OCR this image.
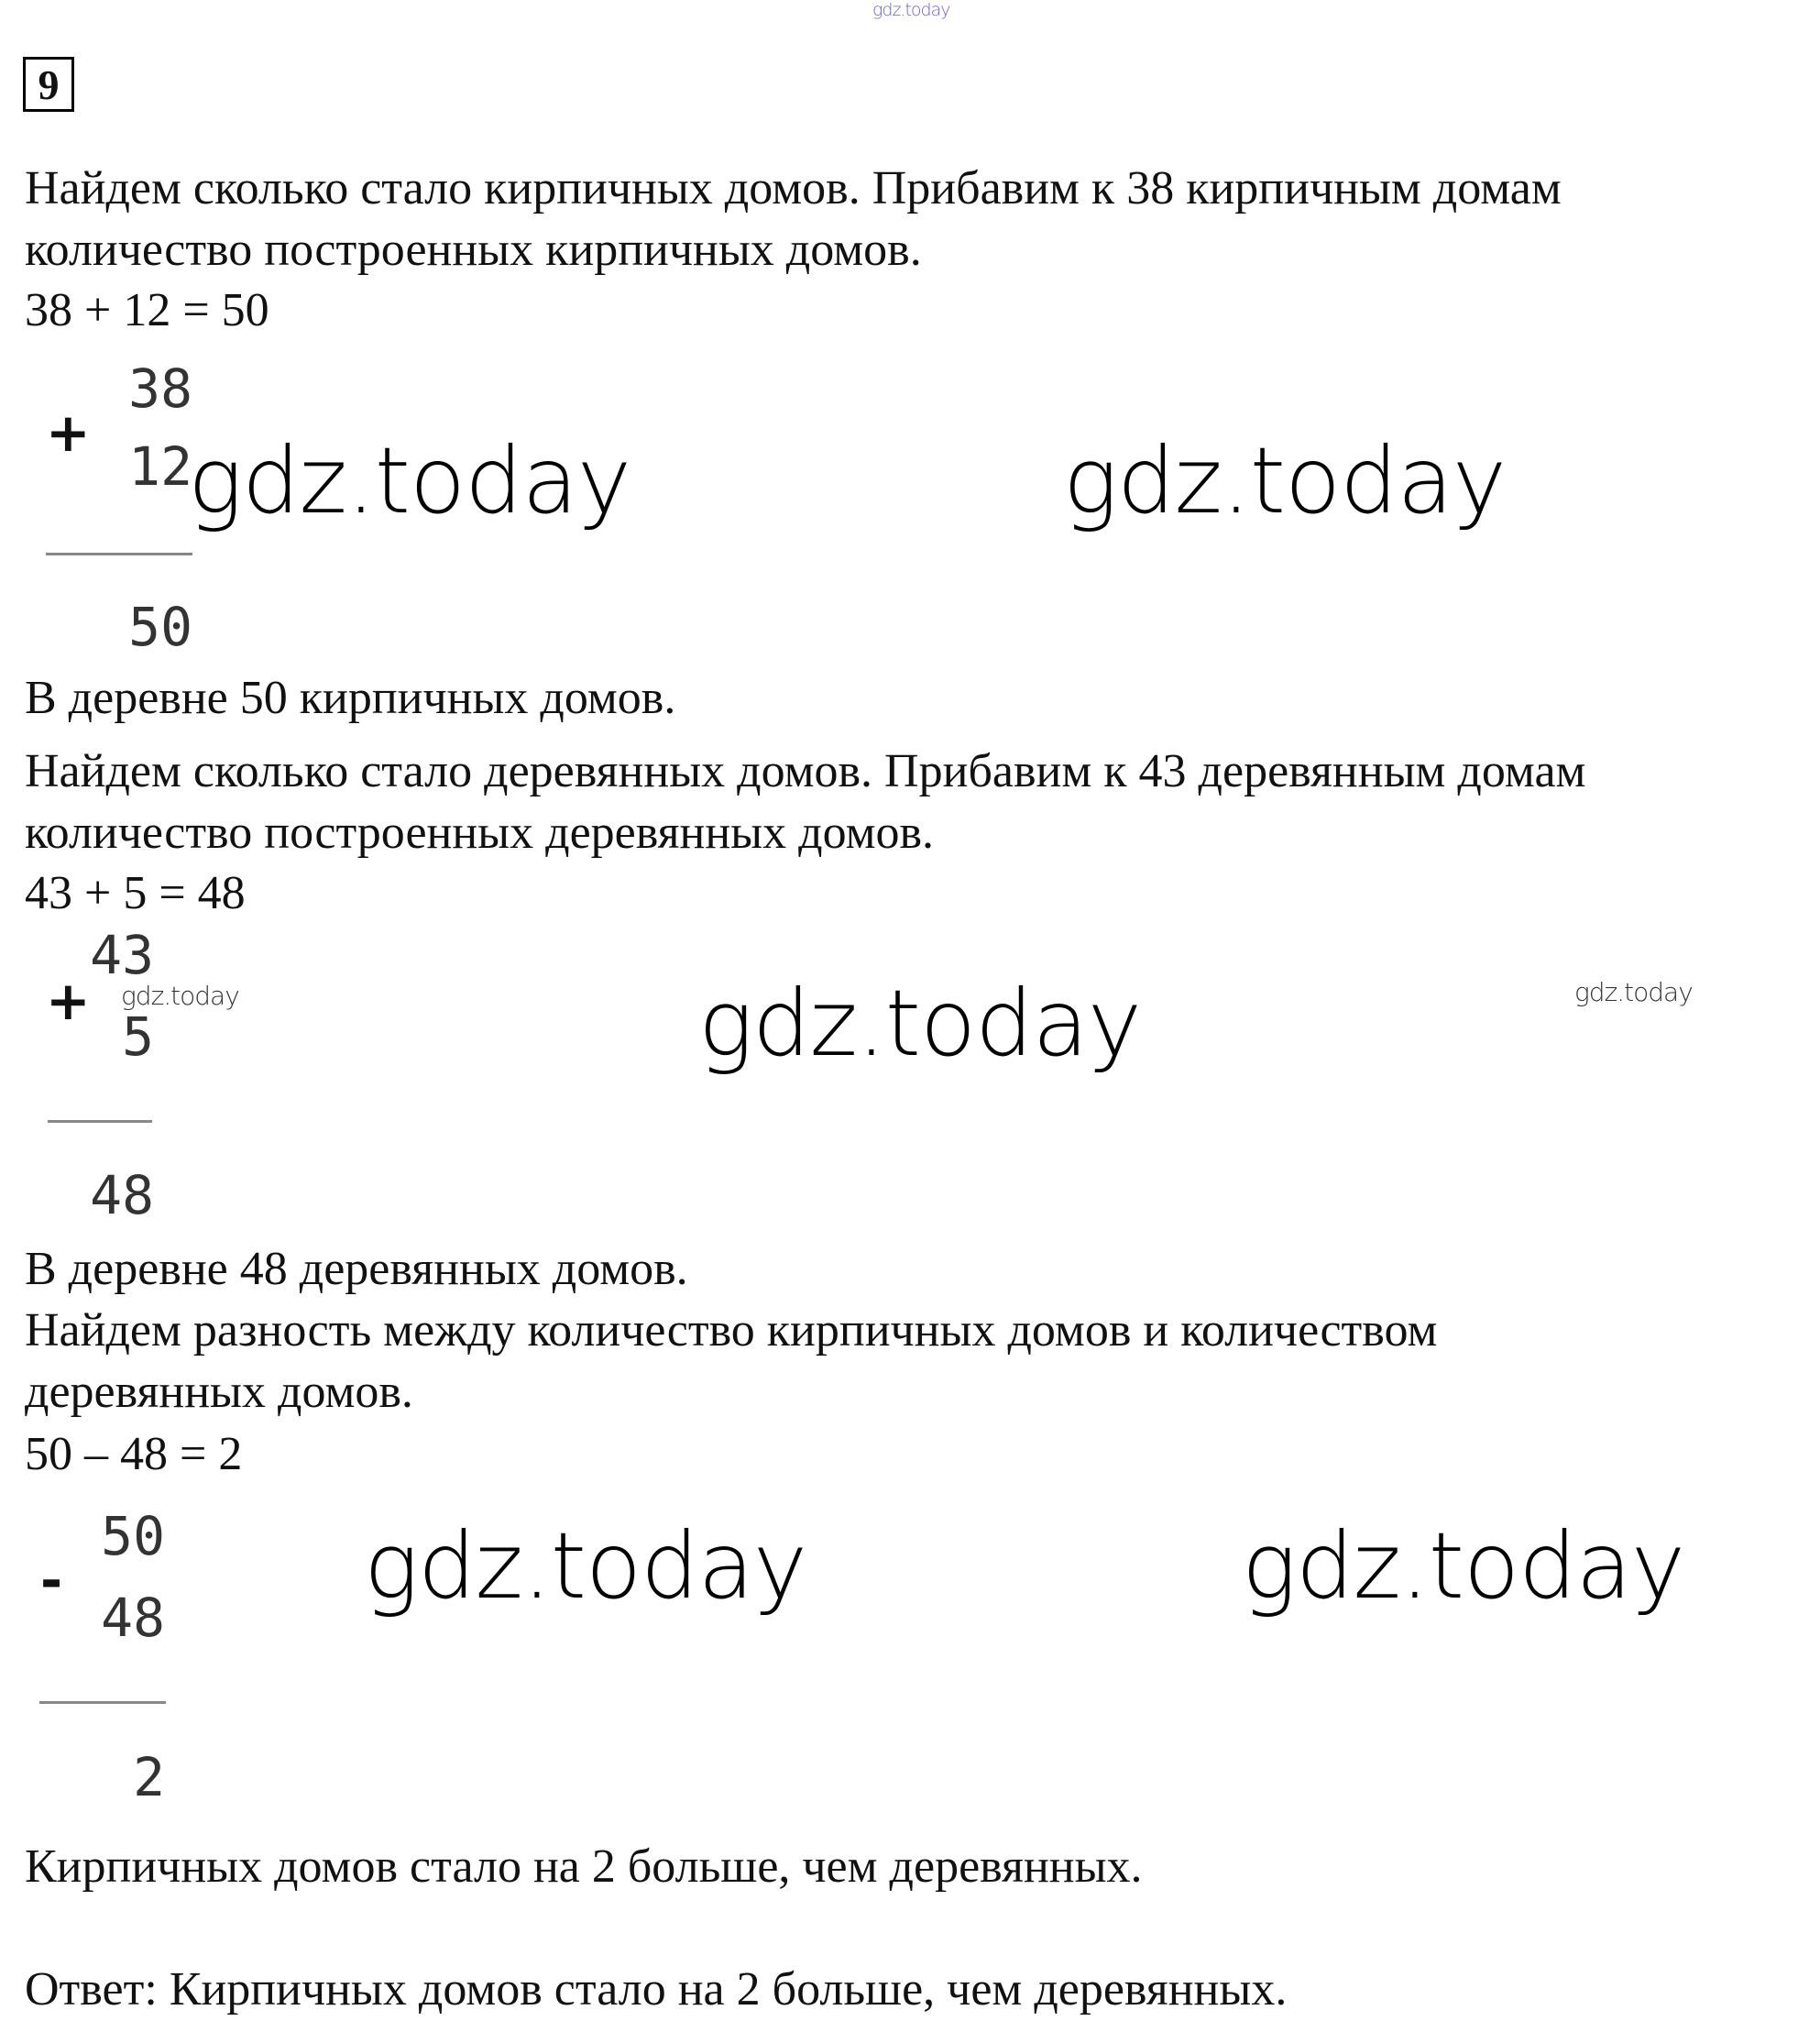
gdz.today
9
Найдем сколько стало кирпичных домов. Прибавим к 38 кирпичным домам
количество построенных кирпичных домов.
38 + 12 = 50
+
38
12
50
gdz.today	gdz.today
В деревне 50 кирпичных домов.
Найдем сколько стало деревянных домов. Прибавим к 43 деревянным домам
количество построенных деревянных домов.
43 + 5 = 48
+
43
5
48
gdz.today	gdz.today	gdz.today
В деревне 48 деревянных домов.
Найдем разность между количество кирпичных домов и количеством
деревянных домов.
50 – 48 = 2
-
50
48
2
gdz.today	gdz.today
Кирпичных домов стало на 2 больше, чем деревянных.
Ответ: Кирпичных домов стало на 2 больше, чем деревянных.
